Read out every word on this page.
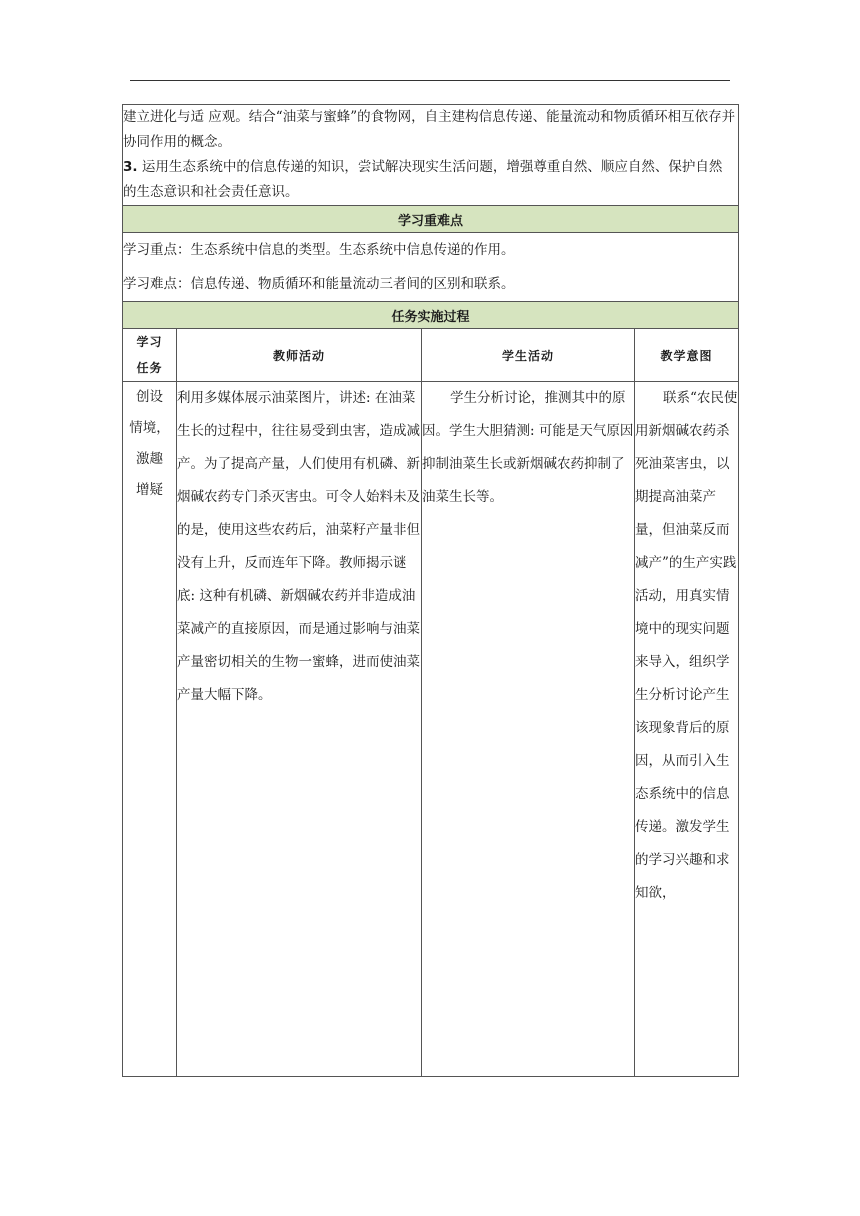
建立进化与适 应观。结合“油菜与蜜蜂”的食物网，自主建构信息传递、能量流动和物质循环相互依存并协同作用的概念。

3. 运用生态系统中的信息传递的知识，尝试解决现实生活问题，增强尊重自然、顺应自然、保护自然 的生态意识和社会责任意识。			

学习重难点			

学习重点：生态系统中信息的类型。生态系统中信息传递的作用。

学习难点：信息传递、物质循环和能量流动三者间的区别和联系。			

任务实施过程			

学习
任务	教师活动	学生活动	教学意图

创设
情境，
激趣
增疑	利用多媒体展示油菜图片，讲述: 在油菜生长的过程中，往往易受到虫害，造成减产。为了提高产量，人们使用有机磷、新烟碱农药专门杀灭害虫。可令人始料未及的是，使用这些农药后，油菜籽产量非但没有上升，反而连年下降。教师揭示谜底: 这种有机磷、新烟碱农药并非造成油菜减产的直接原因，而是通过影响与油菜产量密切相关的生物一蜜蜂，进而使油菜产量大幅下降。	学生分析讨论，推测其中的原因。学生大胆猜测: 可能是天气原因抑制油菜生长或新烟碱农药抑制了油菜生长等。	联系“农民使用新烟碱农药杀死油菜害虫，以期提高油菜产量，但油菜反而减产”的生产实践活动，用真实情境中的现实问题来导入，组织学生分析讨论产生该现象背后的原因，从而引入生态系统中的信息传递。激发学生的学习兴趣和求知欲，
